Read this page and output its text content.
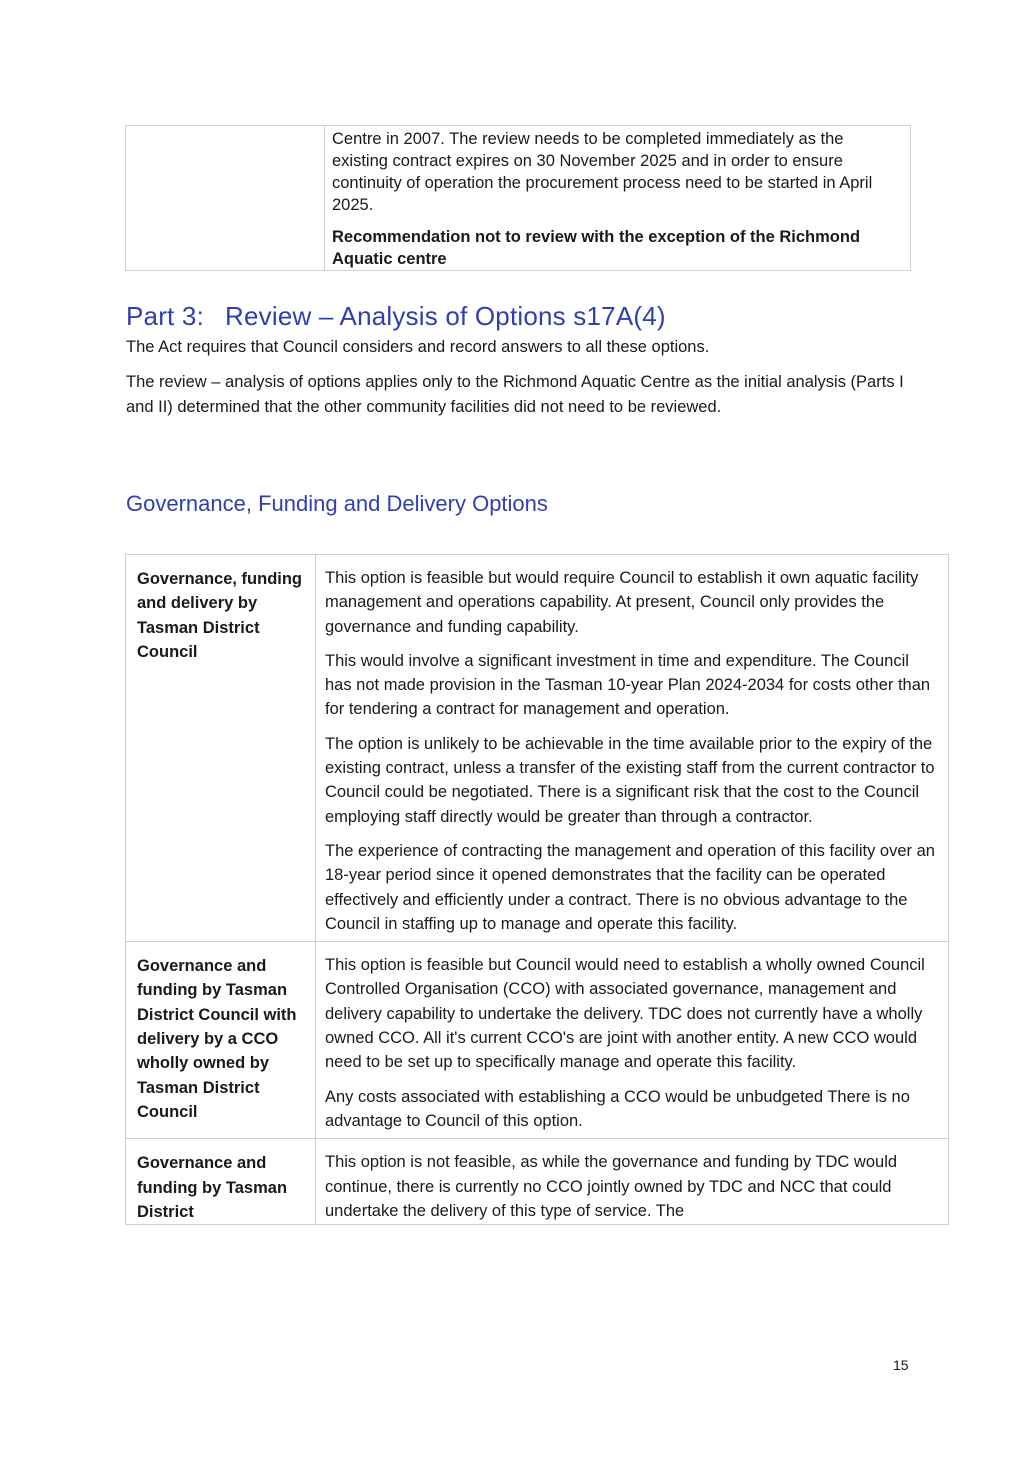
Centre in 2007. The review needs to be completed immediately as the existing contract expires on 30 November 2025 and in order to ensure continuity of operation the procurement process need to be started in April 2025.

Recommendation not to review with the exception of the Richmond Aquatic centre

Part 3: Review – Analysis of Options s17A(4)

The Act requires that Council considers and record answers to all these options.

The review – analysis of options applies only to the Richmond Aquatic Centre as the initial analysis (Parts I and II) determined that the other community facilities did not need to be reviewed.

Governance, Funding and Delivery Options
Governance, funding and delivery by Tasman District Council	This option is feasible but would require Council to establish it own aquatic facility management and operations capability. At present, Council only provides the governance and funding capability.

This would involve a significant investment in time and expenditure. The Council has not made provision in the Tasman 10-year Plan 2024-2034 for costs other than for tendering a contract for management and operation.

The option is unlikely to be achievable in the time available prior to the expiry of the existing contract, unless a transfer of the existing staff from the current contractor to Council could be negotiated. There is a significant risk that the cost to the Council employing staff directly would be greater than through a contractor.

The experience of contracting the management and operation of this facility over an 18-year period since it opened demonstrates that the facility can be operated effectively and efficiently under a contract. There is no obvious advantage to the Council in staffing up to manage and operate this facility.

Governance and funding by Tasman District Council with delivery by a CCO wholly owned by Tasman District Council	This option is feasible but Council would need to establish a wholly owned Council Controlled Organisation (CCO) with associated governance, management and delivery capability to undertake the delivery. TDC does not currently have a wholly owned CCO. All it's current CCO's are joint with another entity. A new CCO would need to be set up to specifically manage and operate this facility.

Any costs associated with establishing a CCO would be unbudgeted There is no advantage to Council of this option.

Governance and funding by Tasman District	This option is not feasible, as while the governance and funding by TDC would continue, there is currently no CCO jointly owned by TDC and NCC that could undertake the delivery of this type of service. The

15
